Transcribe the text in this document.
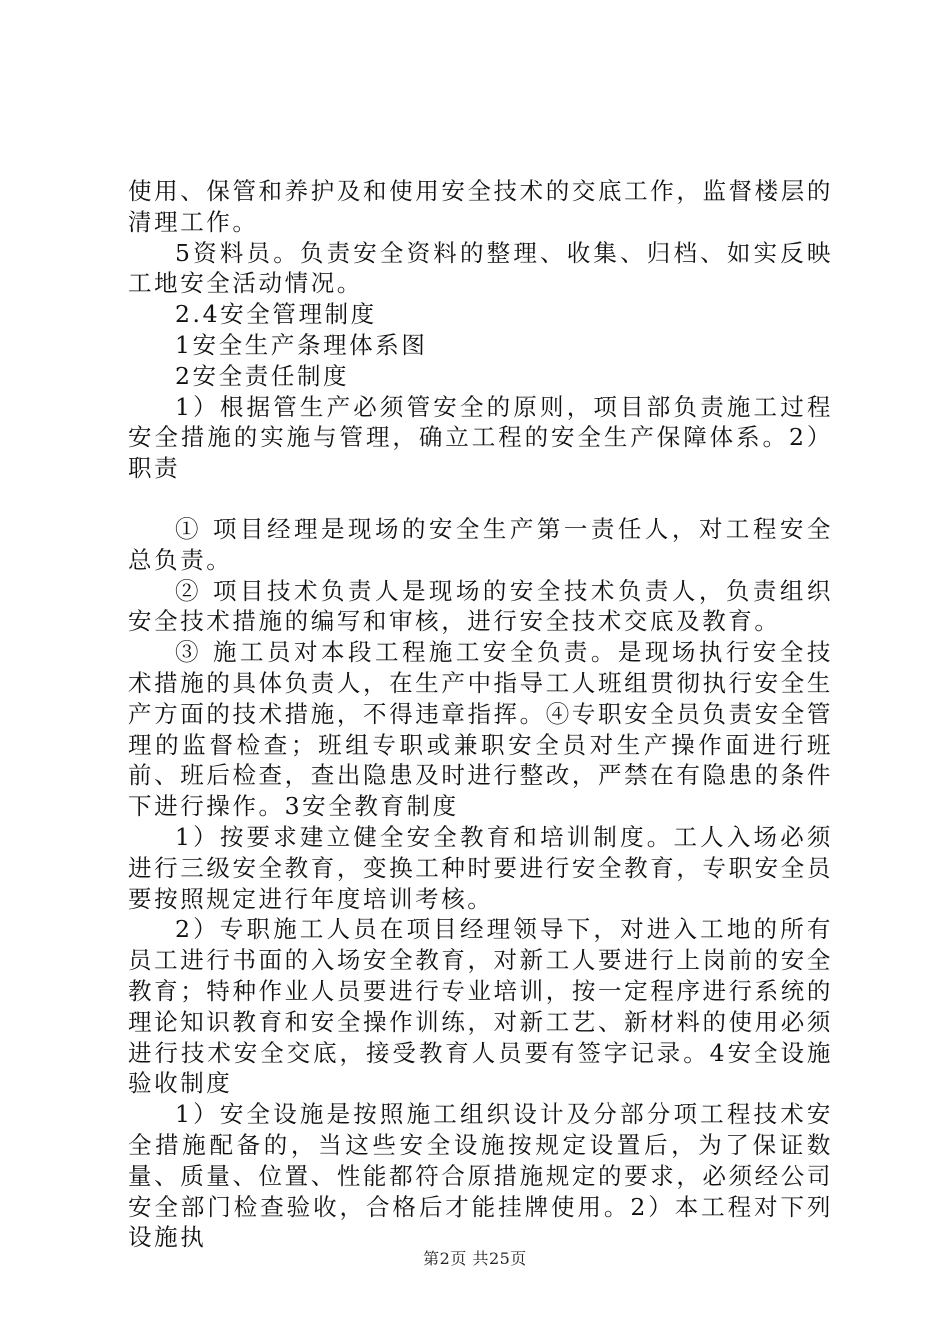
使用、保管和养护及和使用安全技术的交底工作，监督楼层的清理工作。

5资料员。负责安全资料的整理、收集、归档、如实反映工地安全活动情况。

2.4安全管理制度

1安全生产条理体系图

2安全责任制度

1）根据管生产必须管安全的原则，项目部负责施工过程安全措施的实施与管理，确立工程的安全生产保障体系。2）职责

① 项目经理是现场的安全生产第一责任人，对工程安全总负责。

② 项目技术负责人是现场的安全技术负责人，负责组织安全技术措施的编写和审核，进行安全技术交底及教育。

③ 施工员对本段工程施工安全负责。是现场执行安全技术措施的具体负责人，在生产中指导工人班组贯彻执行安全生产方面的技术措施，不得违章指挥。④专职安全员负责安全管理的监督检查；班组专职或兼职安全员对生产操作面进行班前、班后检查，查出隐患及时进行整改，严禁在有隐患的条件下进行操作。3安全教育制度

1）按要求建立健全安全教育和培训制度。工人入场必须进行三级安全教育，变换工种时要进行安全教育，专职安全员要按照规定进行年度培训考核。

2）专职施工人员在项目经理领导下，对进入工地的所有员工进行书面的入场安全教育，对新工人要进行上岗前的安全教育；特种作业人员要进行专业培训，按一定程序进行系统的理论知识教育和安全操作训练，对新工艺、新材料的使用必须进行技术安全交底，接受教育人员要有签字记录。4安全设施验收制度

1）安全设施是按照施工组织设计及分部分项工程技术安全措施配备的，当这些安全设施按规定设置后，为了保证数量、质量、位置、性能都符合原措施规定的要求，必须经公司安全部门检查验收，合格后才能挂牌使用。2）本工程对下列设施执

第2页 共25页
